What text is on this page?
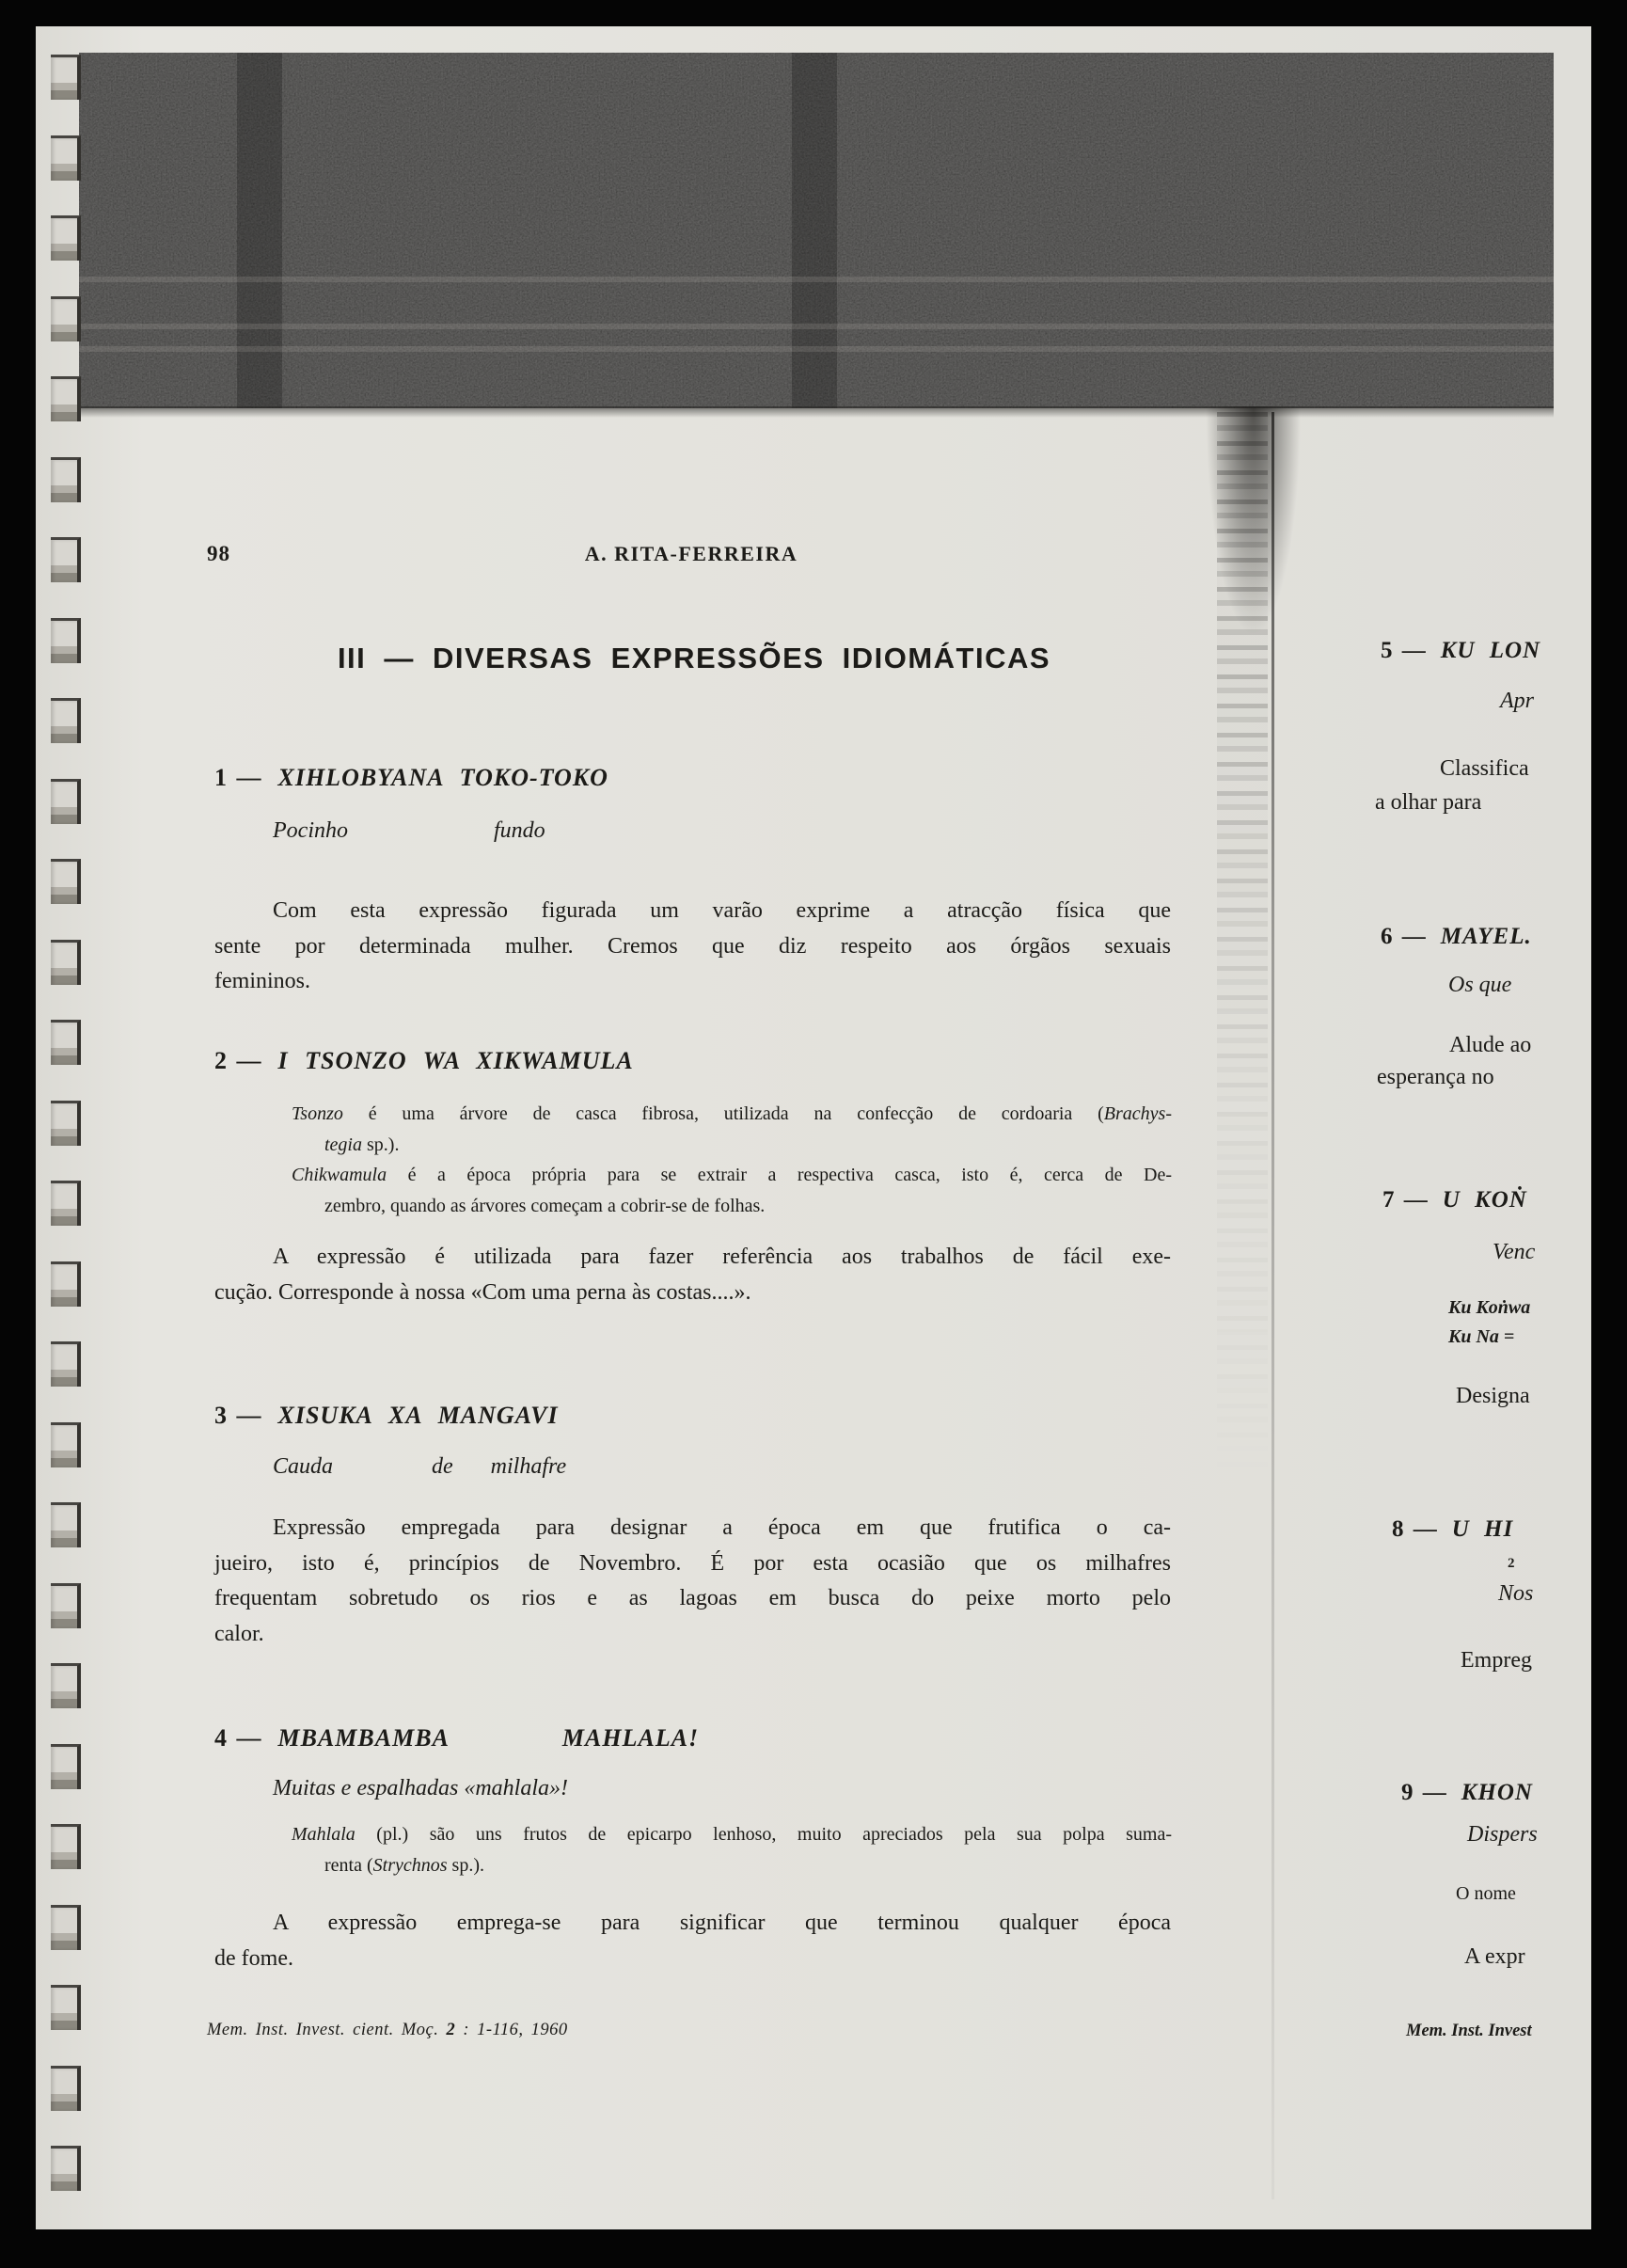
98	A. RITA-FERREIRA
III — DIVERSAS EXPRESSÕES IDIOMÁTICAS
1 — XIHLOBYANA TOKO-TOKO
Pocinho	fundo
Com esta expressão figurada um varão exprime a atracção física que
sente por determinada mulher. Cremos que diz respeito aos órgãos sexuais
femininos.
2 — I TSONZO WA XIKWAMULA
Tsonzo é uma árvore de casca fibrosa, utilizada na confecção de cordoaria (Brachys-
tegia sp.).
Chikwamula é a época própria para se extrair a respectiva casca, isto é, cerca de De-
zembro, quando as árvores começam a cobrir-se de folhas.
A expressão é utilizada para fazer referência aos trabalhos de fácil exe-
cução. Corresponde à nossa «Com uma perna às costas....».
3 — XISUKA XA MANGAVI
Cauda	de milhafre
Expressão empregada para designar a época em que frutifica o ca-
jueiro, isto é, princípios de Novembro. É por esta ocasião que os milhafres
frequentam sobretudo os rios e as lagoas em busca do peixe morto pelo
calor.
4 — MBAMBAMBA	MAHLALA!
Muitas e espalhadas «mahlala»!
Mahlala (pl.) são uns frutos de epicarpo lenhoso, muito apreciados pela sua polpa suma-
renta (Strychnos sp.).
A expressão emprega-se para significar que terminou qualquer época
de fome.
Mem. Inst. Invest. cient. Moç. 2 : 1-116, 1960
5 — KU LON
Apr
Classifica
a olhar para
6 — MAYEL.
Os que
Alude ao
esperança no
7 — U KOṄ
Venc
Ku Koṅwa
Ku Na =
Designa
8 — U HI
2
Nos
Empreg
9 — KHON
Dispers
O nome
A expr
Mem. Inst. Invest
